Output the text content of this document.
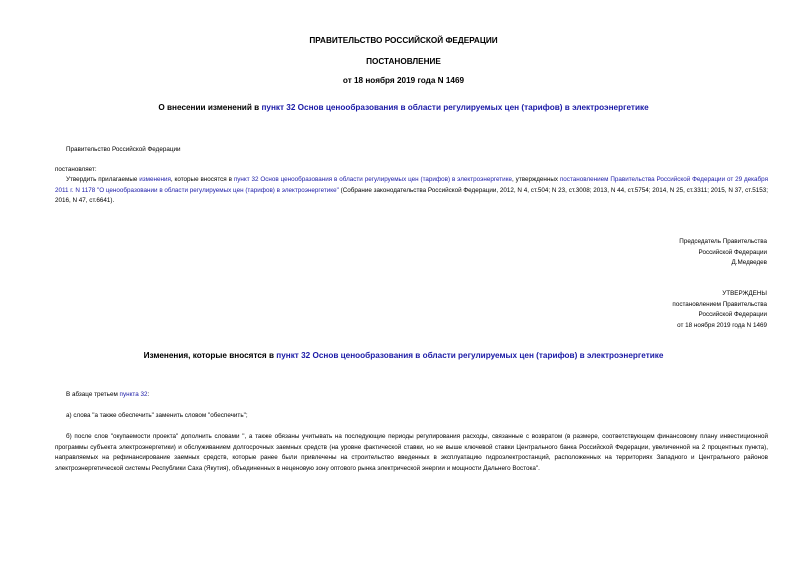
ПРАВИТЕЛЬСТВО РОССИЙСКОЙ ФЕДЕРАЦИИ
ПОСТАНОВЛЕНИЕ
от 18 ноября 2019 года N 1469
О внесении изменений в пункт 32 Основ ценообразования в области регулируемых цен (тарифов) в электроэнергетике
Правительство Российской Федерации
постановляет:
Утвердить прилагаемые изменения, которые вносятся в пункт 32 Основ ценообразования в области регулируемых цен (тарифов) в электроэнергетике, утвержденных постановлением Правительства Российской Федерации от 29 декабря 2011 г. N 1178 "О ценообразовании в области регулируемых цен (тарифов) в электроэнергетике" (Собрание законодательства Российской Федерации, 2012, N 4, ст.504; N 23, ст.3008; 2013, N 44, ст.5754; 2014, N 25, ст.3311; 2015, N 37, ст.5153; 2016, N 47, ст.6641).
Председатель Правительства
Российской Федерации
Д.Медведев
УТВЕРЖДЕНЫ
постановлением Правительства
Российской Федерации
от 18 ноября 2019 года N 1469
Изменения, которые вносятся в пункт 32 Основ ценообразования в области регулируемых цен (тарифов) в электроэнергетике
В абзаце третьем пункта 32:
а) слова "а также обеспечить" заменить словом "обеспечить";
б) после слов "окупаемости проекта" дополнить словами ", а также обязаны учитывать на последующие периоды регулирования расходы, связанные с возвратом (в размере, соответствующем финансовому плану инвестиционной программы субъекта электроэнергетики) и обслуживанием долгосрочных заемных средств (на уровне фактической ставки, но не выше ключевой ставки Центрального банка Российской Федерации, увеличенной на 2 процентных пункта), направляемых на рефинансирование заемных средств, которые ранее были привлечены на строительство введенных в эксплуатацию гидроэлектростанций, расположенных на территориях Западного и Центрального районов электроэнергетической системы Республики Саха (Якутия), объединенных в неценовую зону оптового рынка электрической энергии и мощности Дальнего Востока".
